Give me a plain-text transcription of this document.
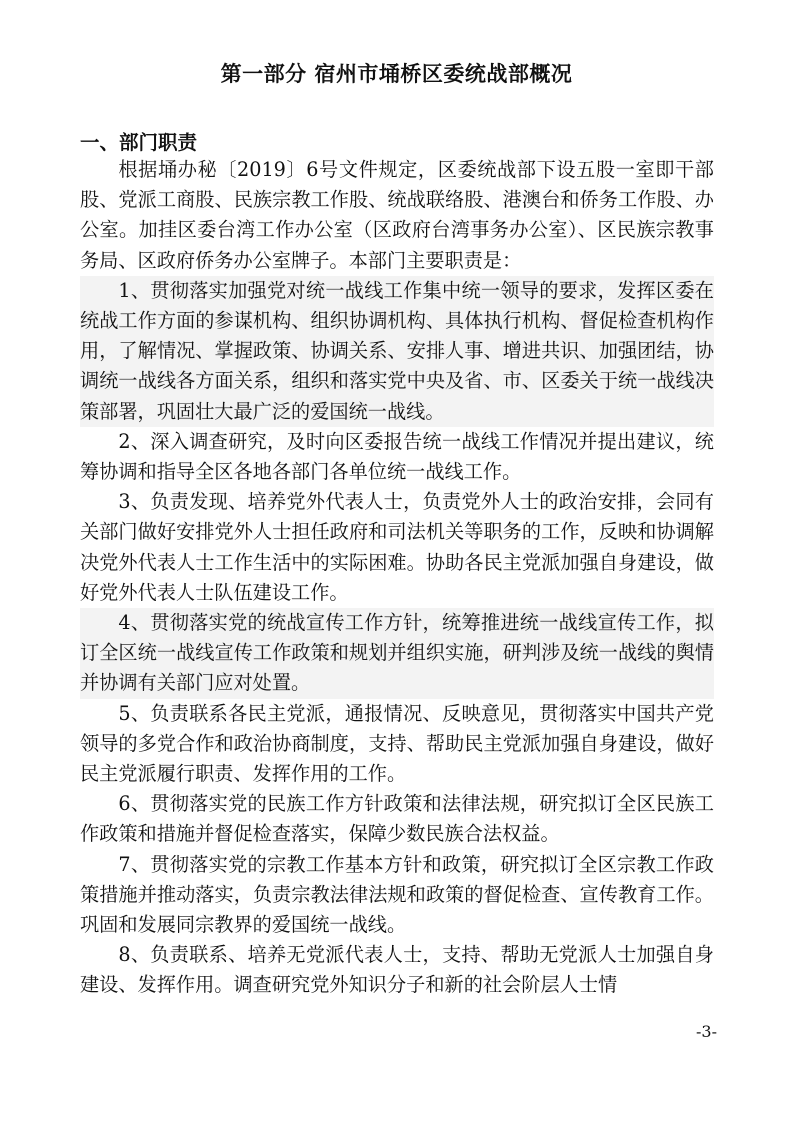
第一部分 宿州市埇桥区委统战部概况
一、部门职责

根据埇办秘〔2019〕6号文件规定，区委统战部下设五股一室即干部股、党派工商股、民族宗教工作股、统战联络股、港澳台和侨务工作股、办公室。加挂区委台湾工作办公室（区政府台湾事务办公室）、区民族宗教事务局、区政府侨务办公室牌子。本部门主要职责是：

1、贯彻落实加强党对统一战线工作集中统一领导的要求，发挥区委在统战工作方面的参谋机构、组织协调机构、具体执行机构、督促检查机构作用，了解情况、掌握政策、协调关系、安排人事、增进共识、加强团结，协调统一战线各方面关系，组织和落实党中央及省、市、区委关于统一战线决策部署，巩固壮大最广泛的爱国统一战线。

2、深入调查研究，及时向区委报告统一战线工作情况并提出建议，统筹协调和指导全区各地各部门各单位统一战线工作。

3、负责发现、培养党外代表人士，负责党外人士的政治安排，会同有关部门做好安排党外人士担任政府和司法机关等职务的工作，反映和协调解决党外代表人士工作生活中的实际困难。协助各民主党派加强自身建设，做好党外代表人士队伍建设工作。

4、贯彻落实党的统战宣传工作方针，统筹推进统一战线宣传工作，拟订全区统一战线宣传工作政策和规划并组织实施，研判涉及统一战线的舆情并协调有关部门应对处置。

5、负责联系各民主党派，通报情况、反映意见，贯彻落实中国共产党领导的多党合作和政治协商制度，支持、帮助民主党派加强自身建设，做好民主党派履行职责、发挥作用的工作。

6、贯彻落实党的民族工作方针政策和法律法规，研究拟订全区民族工作政策和措施并督促检查落实，保障少数民族合法权益。

7、贯彻落实党的宗教工作基本方针和政策，研究拟订全区宗教工作政策措施并推动落实，负责宗教法律法规和政策的督促检查、宣传教育工作。巩固和发展同宗教界的爱国统一战线。

8、负责联系、培养无党派代表人士，支持、帮助无党派人士加强自身建设、发挥作用。调查研究党外知识分子和新的社会阶层人士情

-3-
